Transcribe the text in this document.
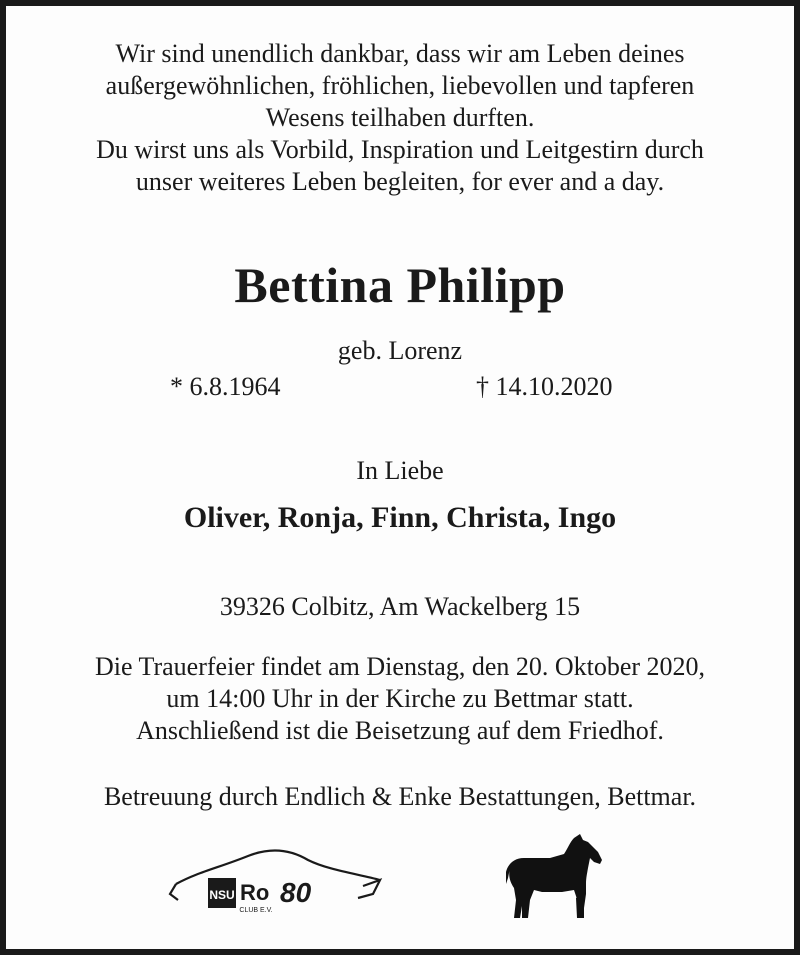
Wir sind unendlich dankbar, dass wir am Leben deines
außergewöhnlichen, fröhlichen, liebevollen und tapferen
Wesens teilhaben durften.
Du wirst uns als Vorbild, Inspiration und Leitgestirn durch
unser weiteres Leben begleiten, for ever and a day.
Bettina Philipp
geb. Lorenz
* 6.8.1964	† 14.10.2020
In Liebe
Oliver, Ronja, Finn, Christa, Ingo
39326 Colbitz, Am Wackelberg 15
Die Trauerfeier findet am Dienstag, den 20. Oktober 2020,
um 14:00 Uhr in der Kirche zu Bettmar statt.
Anschließend ist die Beisetzung auf dem Friedhof.
Betreuung durch Endlich & Enke Bestattungen, Bettmar.
NSU Ro 80
CLUB E.V.
